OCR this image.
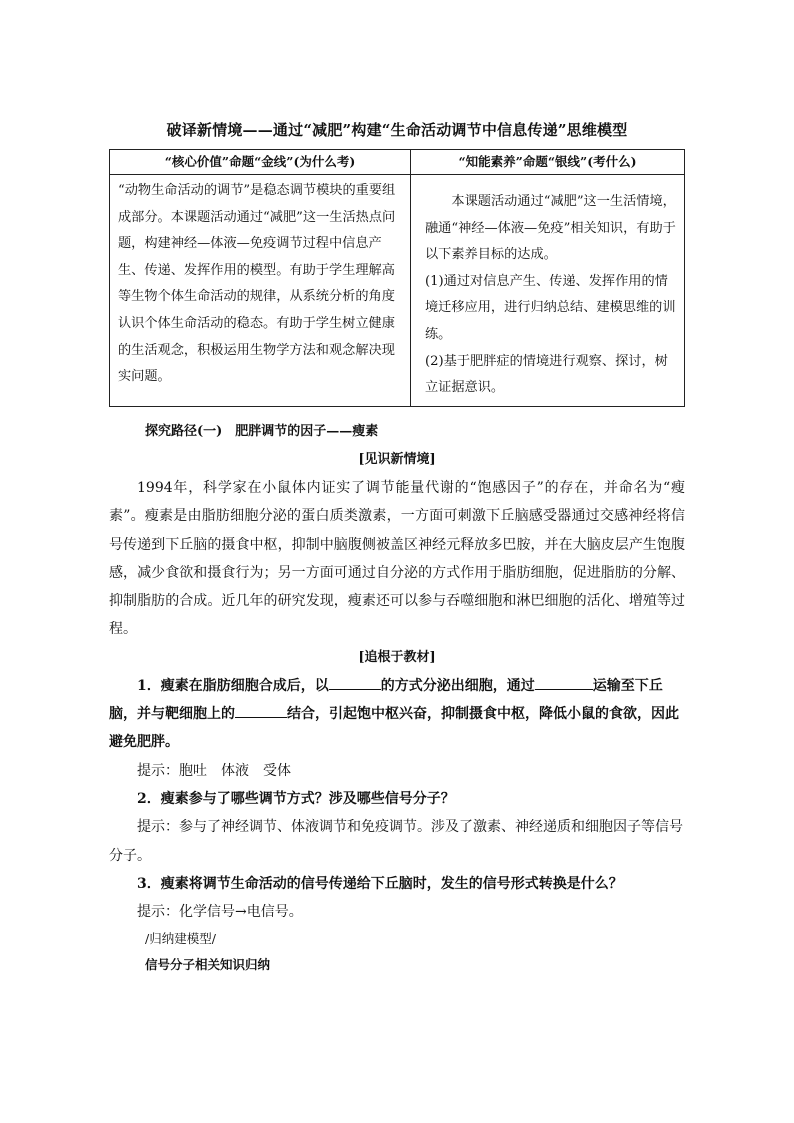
破译新情境——通过“减肥”构建“生命活动调节中信息传递”思维模型
“核心价值”命题“金线”(为什么考)	“知能素养”命题“银线”(考什么)

“动物生命活动的调节”是稳态调节模块的重要组成部分。本课题活动通过“减肥”这一生活热点问题，构建神经—体液—免疫调节过程中信息产生、传递、发挥作用的模型。有助于学生理解高等生物个体生命活动的规律，从系统分析的角度认识个体生命活动的稳态。有助于学生树立健康的生活观念，积极运用生物学方法和观念解决现实问题。	本课题活动通过“减肥”这一生活情境，融通“神经—体液—免疫”相关知识，有助于以下素养目标的达成。

(1)通过对信息产生、传递、发挥作用的情境迁移应用，进行归纳总结、建模思维的训练。

(2)基于肥胖症的情境进行观察、探讨，树立证据意识。

探究路径(一)　肥胖调节的因子——瘦素

[见识新情境]

1994年，科学家在小鼠体内证实了调节能量代谢的“饱感因子”的存在，并命名为“瘦素”。瘦素是由脂肪细胞分泌的蛋白质类激素，一方面可刺激下丘脑感受器通过交感神经将信号传递到下丘脑的摄食中枢，抑制中脑腹侧被盖区神经元释放多巴胺，并在大脑皮层产生饱腹感，减少食欲和摄食行为；另一方面可通过自分泌的方式作用于脂肪细胞，促进脂肪的分解、抑制脂肪的合成。近几年的研究发现，瘦素还可以参与吞噬细胞和淋巴细胞的活化、增殖等过程。

[追根于教材]

1．瘦素在脂肪细胞合成后，以	的方式分泌出细胞，通过	运输至下丘脑，并与靶细胞上的	结合，引起饱中枢兴奋，抑制摄食中枢，降低小鼠的食欲，因此避免肥胖。

提示：胞吐　体液　受体

2．瘦素参与了哪些调节方式？涉及哪些信号分子？

提示：参与了神经调节、体液调节和免疫调节。涉及了激素、神经递质和细胞因子等信号分子。

3．瘦素将调节生命活动的信号传递给下丘脑时，发生的信号形式转换是什么？

提示：化学信号→电信号。

/归纳建模型/

信号分子相关知识归纳
